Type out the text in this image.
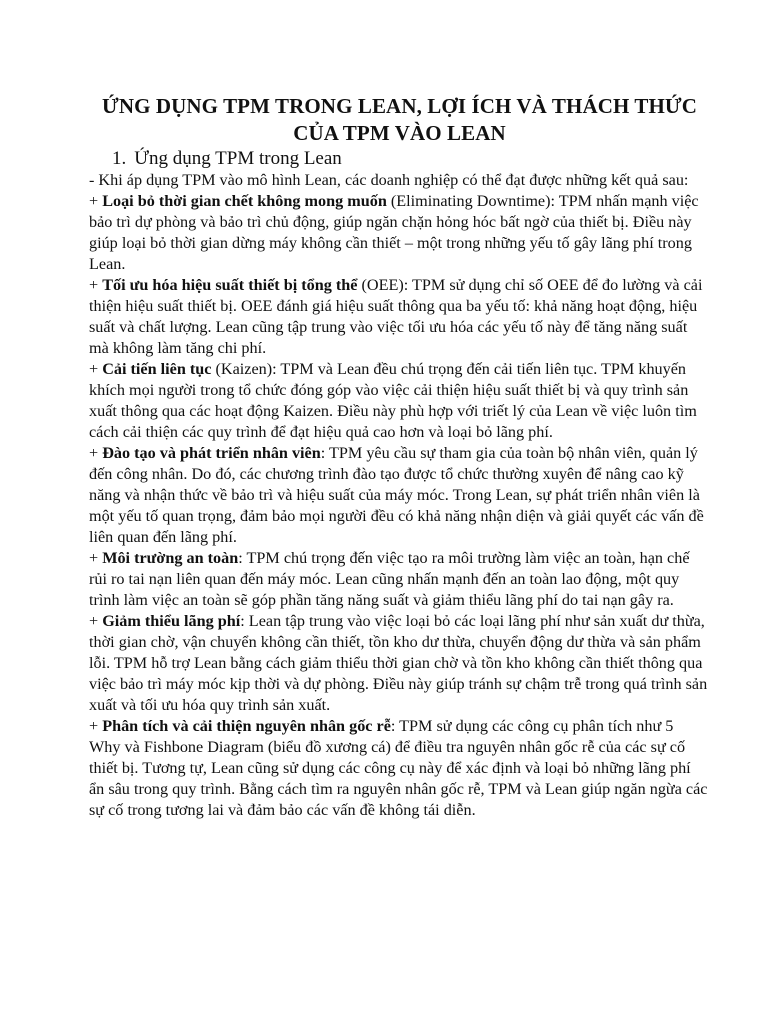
ỨNG DỤNG TPM TRONG LEAN, LỢI ÍCH VÀ THÁCH THỨC CỦA TPM VÀO LEAN
1. Ứng dụng TPM trong Lean

- Khi áp dụng TPM vào mô hình Lean, các doanh nghiệp có thể đạt được những kết quả sau:

+ Loại bỏ thời gian chết không mong muốn (Eliminating Downtime): TPM nhấn mạnh việc bảo trì dự phòng và bảo trì chủ động, giúp ngăn chặn hỏng hóc bất ngờ của thiết bị. Điều này giúp loại bỏ thời gian dừng máy không cần thiết – một trong những yếu tố gây lãng phí trong Lean.

+ Tối ưu hóa hiệu suất thiết bị tổng thể (OEE): TPM sử dụng chỉ số OEE để đo lường và cải thiện hiệu suất thiết bị. OEE đánh giá hiệu suất thông qua ba yếu tố: khả năng hoạt động, hiệu suất và chất lượng. Lean cũng tập trung vào việc tối ưu hóa các yếu tố này để tăng năng suất mà không làm tăng chi phí.

+ Cải tiến liên tục (Kaizen): TPM và Lean đều chú trọng đến cải tiến liên tục. TPM khuyến khích mọi người trong tổ chức đóng góp vào việc cải thiện hiệu suất thiết bị và quy trình sản xuất thông qua các hoạt động Kaizen. Điều này phù hợp với triết lý của Lean về việc luôn tìm cách cải thiện các quy trình để đạt hiệu quả cao hơn và loại bỏ lãng phí.

+ Đào tạo và phát triển nhân viên: TPM yêu cầu sự tham gia của toàn bộ nhân viên, quản lý đến công nhân. Do đó, các chương trình đào tạo được tổ chức thường xuyên để nâng cao kỹ năng và nhận thức về bảo trì và hiệu suất của máy móc. Trong Lean, sự phát triển nhân viên là một yếu tố quan trọng, đảm bảo mọi người đều có khả năng nhận diện và giải quyết các vấn đề liên quan đến lãng phí.

+ Môi trường an toàn: TPM chú trọng đến việc tạo ra môi trường làm việc an toàn, hạn chế rủi ro tai nạn liên quan đến máy móc. Lean cũng nhấn mạnh đến an toàn lao động, một quy trình làm việc an toàn sẽ góp phần tăng năng suất và giảm thiểu lãng phí do tai nạn gây ra.

+ Giảm thiểu lãng phí: Lean tập trung vào việc loại bỏ các loại lãng phí như sản xuất dư thừa, thời gian chờ, vận chuyển không cần thiết, tồn kho dư thừa, chuyển động dư thừa và sản phẩm lỗi. TPM hỗ trợ Lean bằng cách giảm thiểu thời gian chờ và tồn kho không cần thiết thông qua việc bảo trì máy móc kịp thời và dự phòng. Điều này giúp tránh sự chậm trễ trong quá trình sản xuất và tối ưu hóa quy trình sản xuất.

+ Phân tích và cải thiện nguyên nhân gốc rễ: TPM sử dụng các công cụ phân tích như 5 Why và Fishbone Diagram (biểu đồ xương cá) để điều tra nguyên nhân gốc rễ của các sự cố thiết bị. Tương tự, Lean cũng sử dụng các công cụ này để xác định và loại bỏ những lãng phí ẩn sâu trong quy trình. Bằng cách tìm ra nguyên nhân gốc rễ, TPM và Lean giúp ngăn ngừa các sự cố trong tương lai và đảm bảo các vấn đề không tái diễn.
